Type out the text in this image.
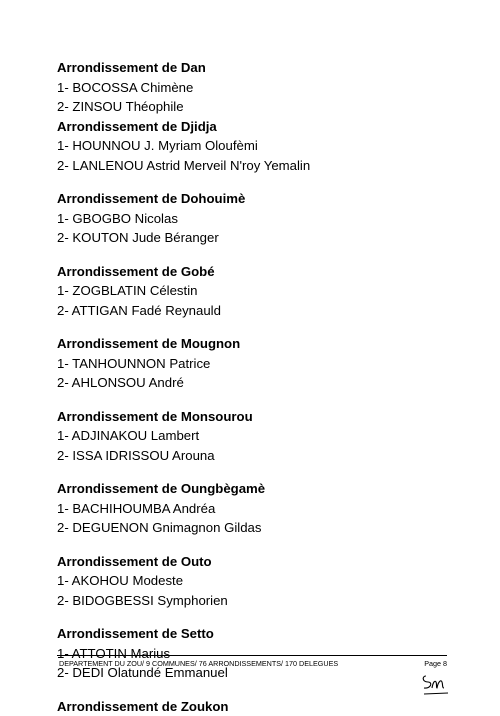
Arrondissement de Dan
1- BOCOSSA Chimène
2- ZINSOU Théophile
Arrondissement de Djidja
1- HOUNNOU J. Myriam Oloufèmi
2- LANLENOU Astrid Merveil N'roy Yemalin
Arrondissement de Dohouimè
1- GBOGBO Nicolas
2- KOUTON Jude Béranger
Arrondissement de Gobé
1- ZOGBLATIN Célestin
2- ATTIGAN Fadé Reynauld
Arrondissement de Mougnon
1- TANHOUNNON Patrice
2- AHLONSOU André
Arrondissement de Monsourou
1- ADJINAKOU Lambert
2- ISSA IDRISSOU Arouna
Arrondissement de Oungbègamè
1- BACHIHOUMBA Andréa
2- DEGUENON Gnimagnon Gildas
Arrondissement de Outo
1- AKOHOU Modeste
2- BIDOGBESSI Symphorien
Arrondissement de Setto
1- ATTOTIN Marius
2- DEDI Olatundé Emmanuel
Arrondissement de Zoukon
DEPARTEMENT DU ZOU/ 9 COMMUNES/ 76 ARRONDISSEMENTS/ 170 DELEGUES	Page 8
